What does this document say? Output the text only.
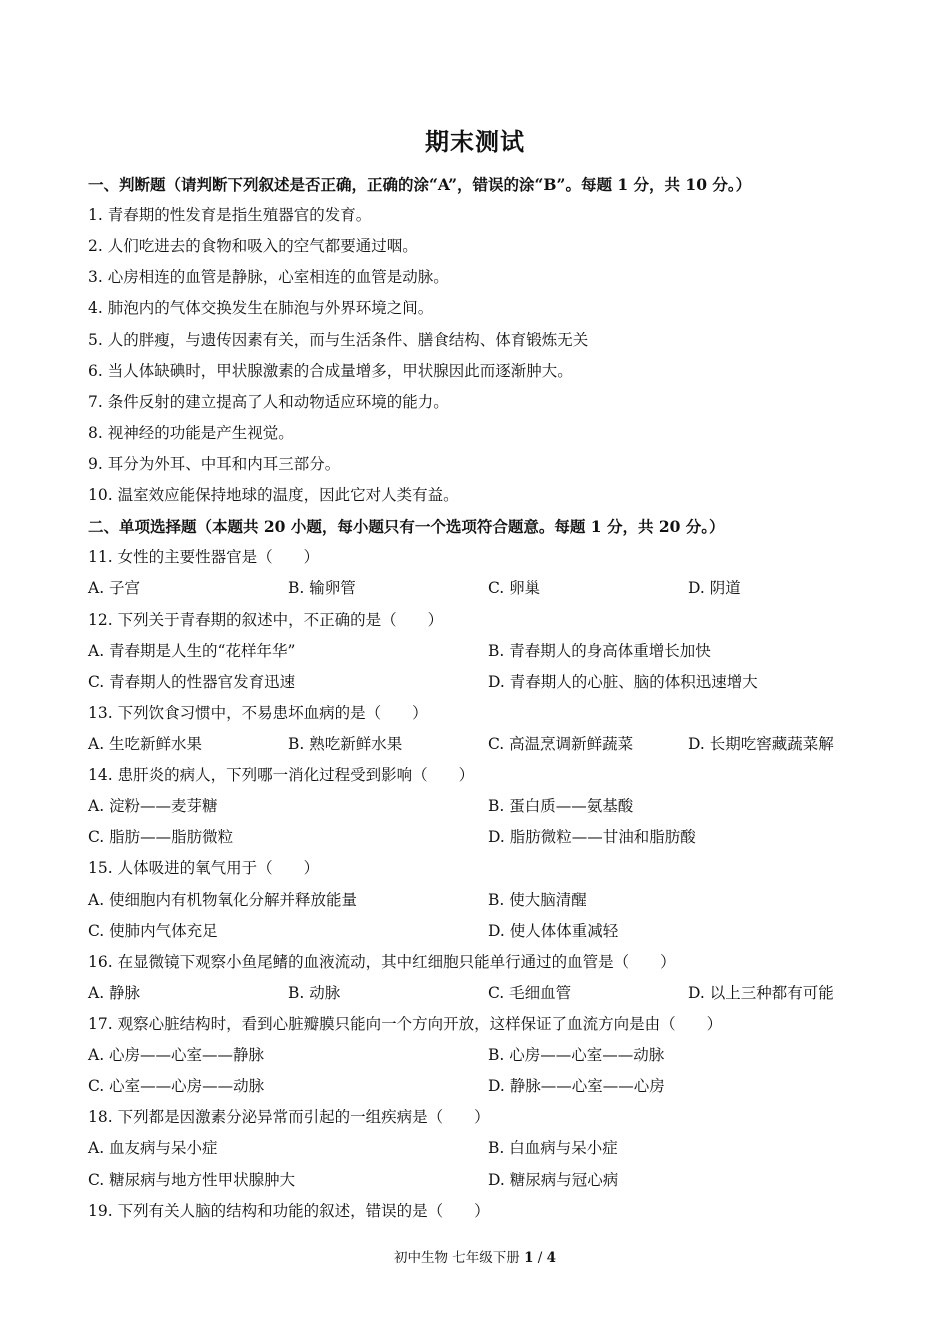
期末测试
一、判断题（请判断下列叙述是否正确，正确的涂“A”，错误的涂“B”。每题 1 分，共 10 分。）
1. 青春期的性发育是指生殖器官的发育。
2. 人们吃进去的食物和吸入的空气都要通过咽。
3. 心房相连的血管是静脉，心室相连的血管是动脉。
4. 肺泡内的气体交换发生在肺泡与外界环境之间。
5. 人的胖瘦，与遗传因素有关，而与生活条件、膳食结构、体育锻炼无关
6. 当人体缺碘时，甲状腺激素的合成量增多，甲状腺因此而逐渐肿大。
7. 条件反射的建立提高了人和动物适应环境的能力。
8. 视神经的功能是产生视觉。
9. 耳分为外耳、中耳和内耳三部分。
10. 温室效应能保持地球的温度，因此它对人类有益。
二、单项选择题（本题共 20 小题，每小题只有一个选项符合题意。每题 1 分，共 20 分。）
11. 女性的主要性器官是（　　）
A. 子宫	B. 输卵管	C. 卵巢	D. 阴道
12. 下列关于青春期的叙述中，不正确的是（　　）
A. 青春期是人生的“花样年华”	B. 青春期人的身高体重增长加快
C. 青春期人的性器官发育迅速	D. 青春期人的心脏、脑的体积迅速增大
13. 下列饮食习惯中，不易患坏血病的是（　　）
A. 生吃新鲜水果	B. 熟吃新鲜水果	C. 高温烹调新鲜蔬菜	D. 长期吃窖藏蔬菜解
14. 患肝炎的病人，下列哪一消化过程受到影响（　　）
A. 淀粉——麦芽糖	B. 蛋白质——氨基酸
C. 脂肪——脂肪微粒	D. 脂肪微粒——甘油和脂肪酸
15. 人体吸进的氧气用于（　　）
A. 使细胞内有机物氧化分解并释放能量	B. 使大脑清醒
C. 使肺内气体充足	D. 使人体体重减轻
16. 在显微镜下观察小鱼尾鳍的血液流动，其中红细胞只能单行通过的血管是（　　）
A. 静脉	B. 动脉	C. 毛细血管	D. 以上三种都有可能
17. 观察心脏结构时，看到心脏瓣膜只能向一个方向开放，这样保证了血流方向是由（　　）
A. 心房——心室——静脉	B. 心房——心室——动脉
C. 心室——心房——动脉	D. 静脉——心室——心房
18. 下列都是因激素分泌异常而引起的一组疾病是（　　）
A. 血友病与呆小症	B. 白血病与呆小症
C. 糖尿病与地方性甲状腺肿大	D. 糖尿病与冠心病
19. 下列有关人脑的结构和功能的叙述，错误的是（　　）
初中生物 七年级下册 1 / 4
